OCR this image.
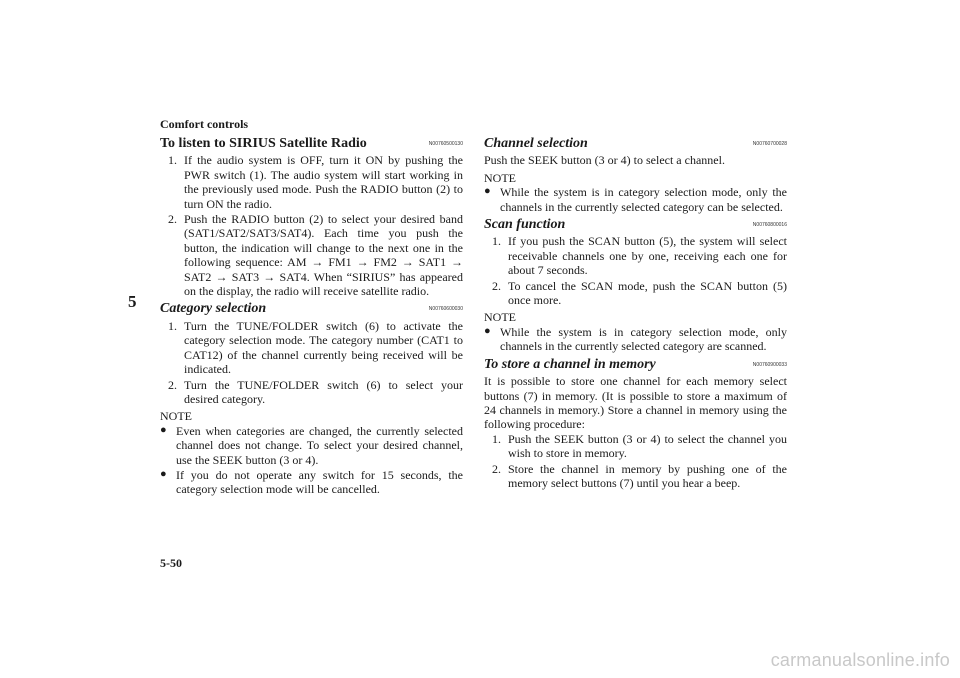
Comfort controls
5
5-50
carmanualsonline.info
To listen to SIRIUS Satellite Radio	N00760500130
1. If the audio system is OFF, turn it ON by pushing the PWR switch (1). The audio system will start working in the previously used mode. Push the RADIO button (2) to turn ON the radio.
2. Push the RADIO button (2) to select your desired band (SAT1/SAT2/SAT3/SAT4). Each time you push the button, the indication will change to the next one in the following sequence: AM → FM1 → FM2 → SAT1 → SAT2 → SAT3 → SAT4. When “SIRIUS” has appeared on the display, the radio will receive satellite radio.
Category selection	N00760600030
1. Turn the TUNE/FOLDER switch (6) to activate the category selection mode. The category number (CAT1 to CAT12) of the channel currently being received will be indicated.
2. Turn the TUNE/FOLDER switch (6) to select your desired category.
NOTE
● Even when categories are changed, the currently selected channel does not change. To select your desired channel, use the SEEK button (3 or 4).
● If you do not operate any switch for 15 seconds, the category selection mode will be cancelled.
Channel selection	N00760700028
Push the SEEK button (3 or 4) to select a channel.
NOTE
● While the system is in category selection mode, only the channels in the currently selected category can be selected.
Scan function	N00760800016
1. If you push the SCAN button (5), the system will select receivable channels one by one, receiving each one for about 7 seconds.
2. To cancel the SCAN mode, push the SCAN button (5) once more.
NOTE
● While the system is in category selection mode, only channels in the currently selected category are scanned.
To store a channel in memory	N00760900033
It is possible to store one channel for each memory select buttons (7) in memory. (It is possible to store a maximum of 24 channels in memory.) Store a channel in memory using the following procedure:
1. Push the SEEK button (3 or 4) to select the channel you wish to store in memory.
2. Store the channel in memory by pushing one of the memory select buttons (7) until you hear a beep.
